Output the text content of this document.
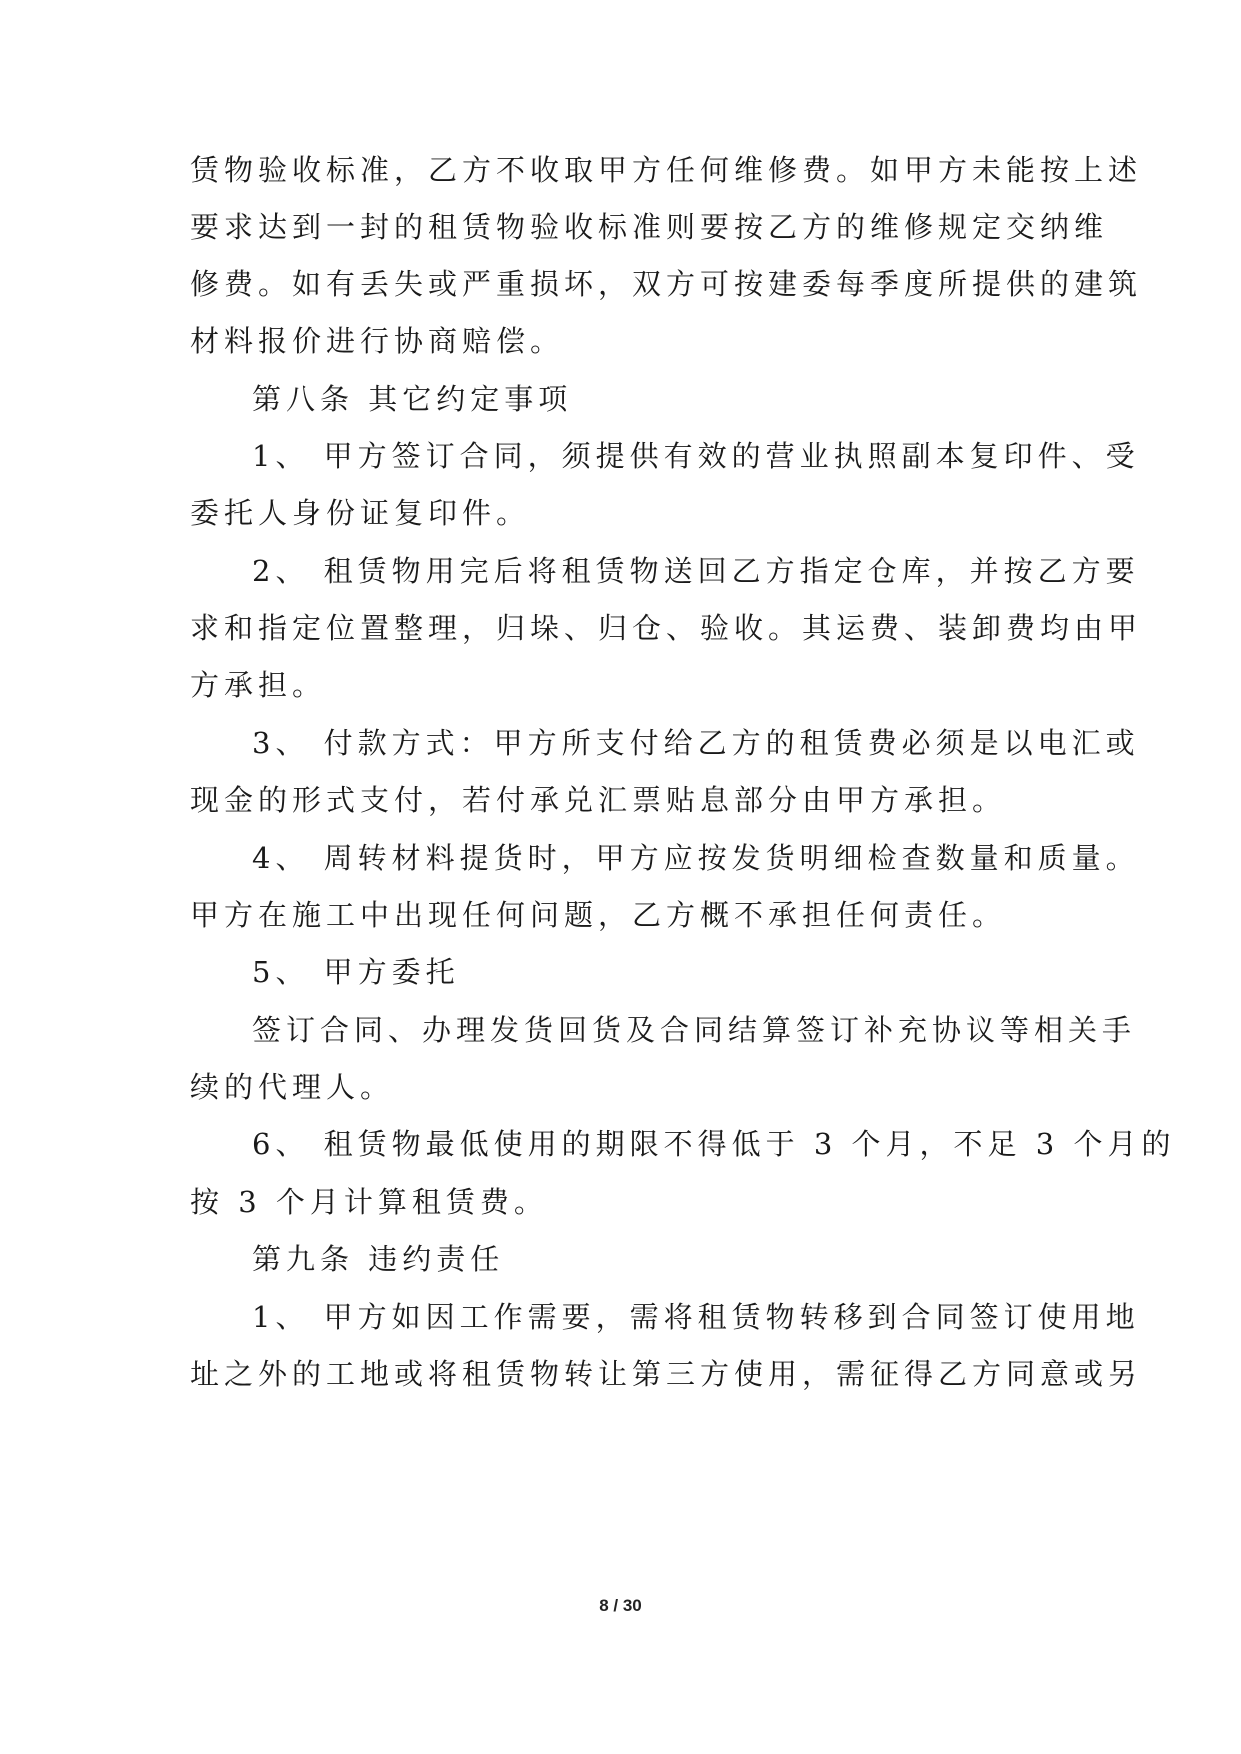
赁物验收标准，乙方不收取甲方任何维修费。如甲方未能按上述
要求达到一封的租赁物验收标准则要按乙方的维修规定交纳维
修费。如有丢失或严重损坏，双方可按建委每季度所提供的建筑
材料报价进行协商赔偿。
第八条 其它约定事项
1、 甲方签订合同，须提供有效的营业执照副本复印件、受
委托人身份证复印件。
2、 租赁物用完后将租赁物送回乙方指定仓库，并按乙方要
求和指定位置整理，归垛、归仓、验收。其运费、装卸费均由甲
方承担。
3、 付款方式：甲方所支付给乙方的租赁费必须是以电汇或
现金的形式支付，若付承兑汇票贴息部分由甲方承担。
4、 周转材料提货时，甲方应按发货明细检查数量和质量。
甲方在施工中出现任何问题，乙方概不承担任何责任。
5、 甲方委托
签订合同、办理发货回货及合同结算签订补充协议等相关手
续的代理人。
6、 租赁物最低使用的期限不得低于 3 个月，不足 3 个月的
按 3 个月计算租赁费。
第九条 违约责任
1、 甲方如因工作需要，需将租赁物转移到合同签订使用地
址之外的工地或将租赁物转让第三方使用，需征得乙方同意或另
8 / 30
